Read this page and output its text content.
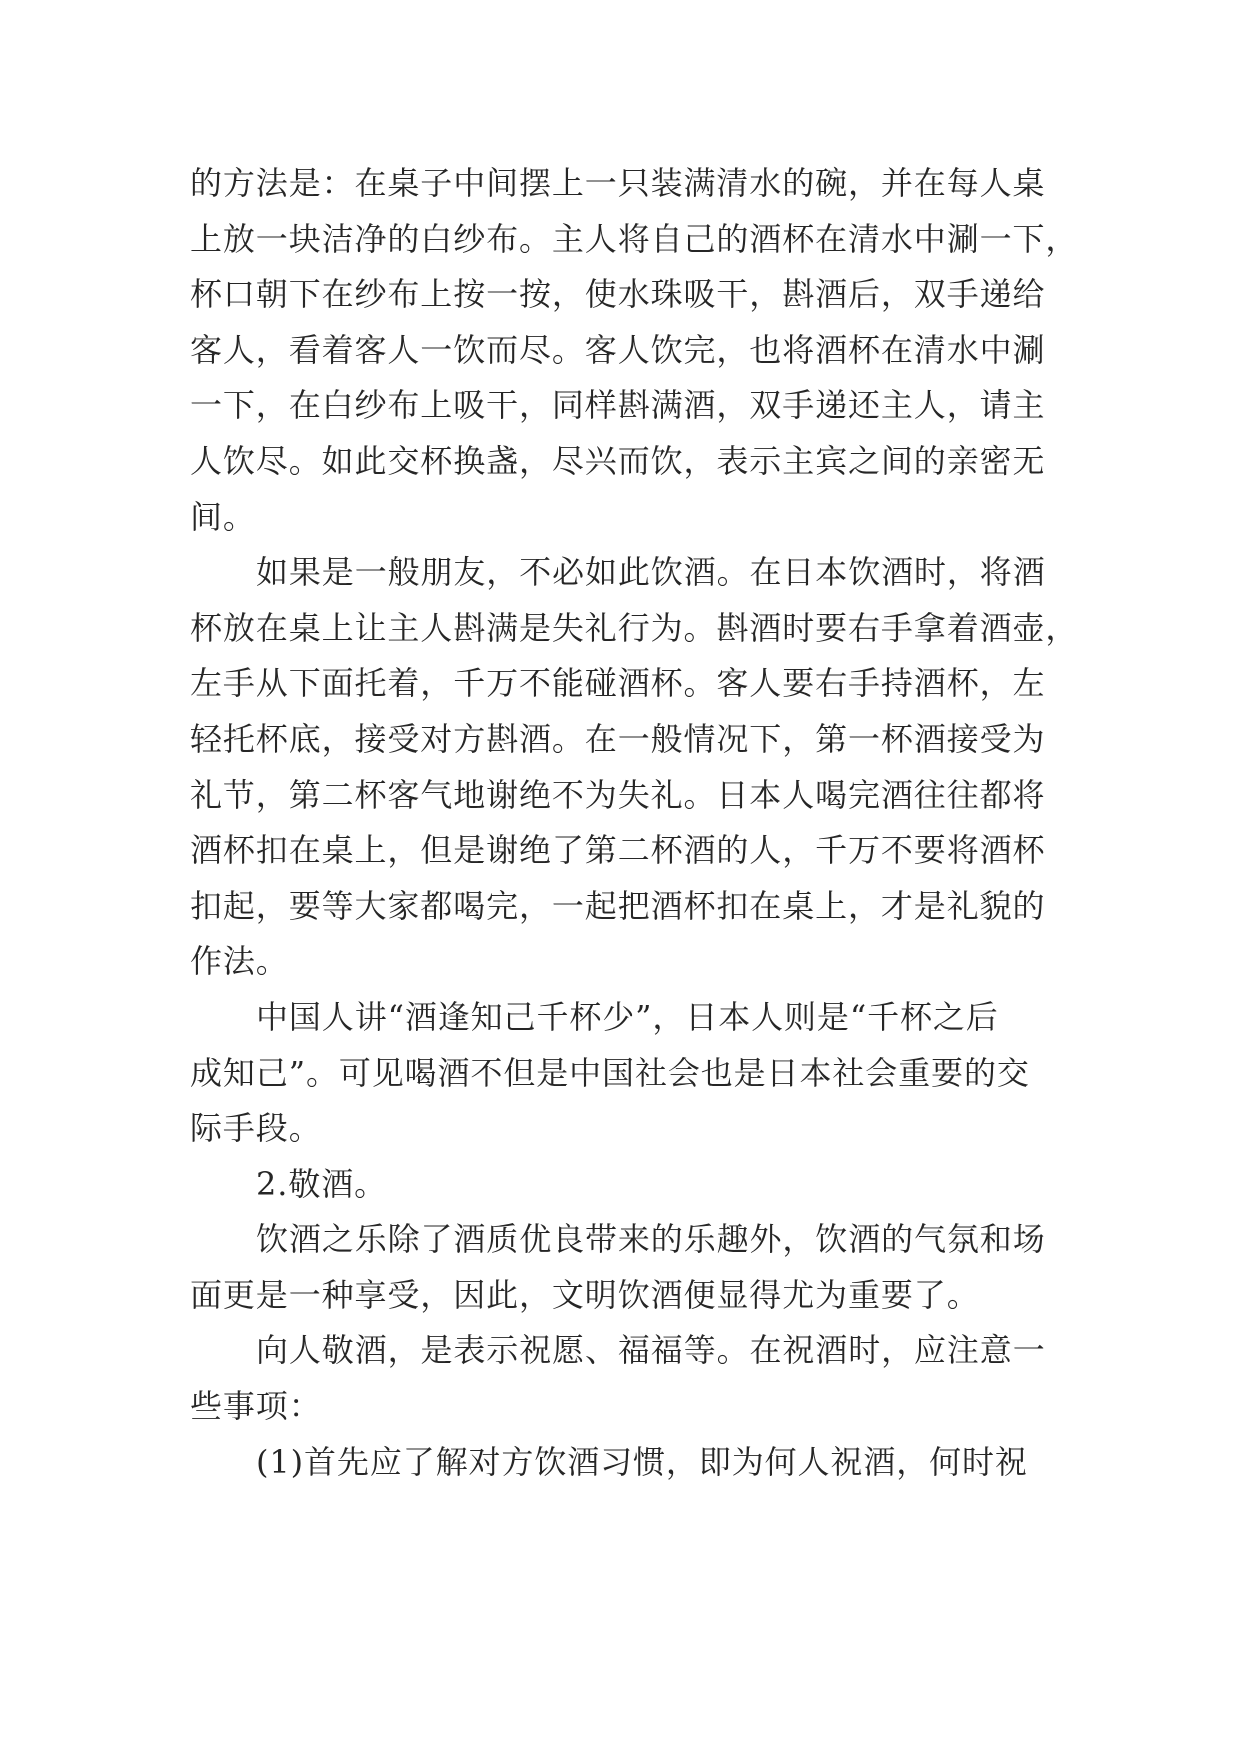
的方法是：在桌子中间摆上一只装满清水的碗，并在每人桌
上放一块洁净的白纱布。主人将自己的酒杯在清水中涮一下，
杯口朝下在纱布上按一按，使水珠吸干，斟酒后，双手递给
客人，看着客人一饮而尽。客人饮完，也将酒杯在清水中涮
一下，在白纱布上吸干，同样斟满酒，双手递还主人，请主
人饮尽。如此交杯换盏，尽兴而饮，表示主宾之间的亲密无
间。
如果是一般朋友，不必如此饮酒。在日本饮酒时，将酒
杯放在桌上让主人斟满是失礼行为。斟酒时要右手拿着酒壶，
左手从下面托着，千万不能碰酒杯。客人要右手持酒杯，左
轻托杯底，接受对方斟酒。在一般情况下，第一杯酒接受为
礼节，第二杯客气地谢绝不为失礼。日本人喝完酒往往都将
酒杯扣在桌上，但是谢绝了第二杯酒的人，千万不要将酒杯
扣起，要等大家都喝完，一起把酒杯扣在桌上，才是礼貌的
作法。
中国人讲“酒逢知己千杯少”，日本人则是“千杯之后
成知己”。可见喝酒不但是中国社会也是日本社会重要的交
际手段。
2.敬酒。
饮酒之乐除了酒质优良带来的乐趣外，饮酒的气氛和场
面更是一种享受，因此，文明饮酒便显得尤为重要了。
向人敬酒，是表示祝愿、福福等。在祝酒时，应注意一
些事项：
(1)首先应了解对方饮酒习惯，即为何人祝酒，何时祝
